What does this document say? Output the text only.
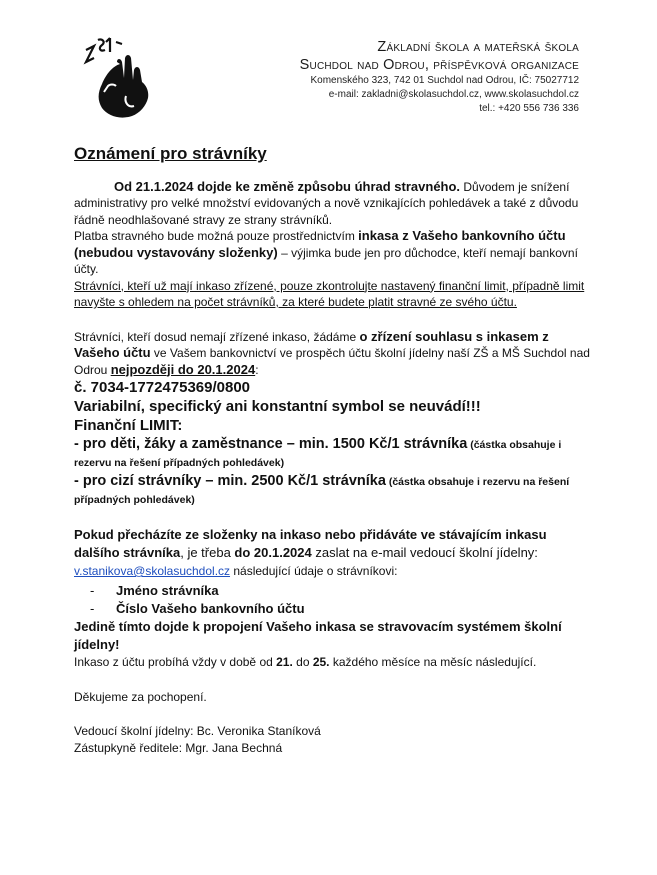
Základní škola a mateřská škola
Suchdol nad Odrou, příspěvková organizace
Komenského 323, 742 01 Suchdol nad Odrou, IČ: 75027712
e-mail: zakladni@skolasuchdol.cz, www.skolasuchdol.cz
tel.: +420 556 736 336
Oznámení pro strávníky

Od 21.1.2024 dojde ke změně způsobu úhrad stravného. Důvodem je snížení administrativy pro velké množství evidovaných a nově vznikajících pohledávek a také z důvodu řádně neodhlašované stravy ze strany strávníků.

Platba stravného bude možná pouze prostřednictvím inkasa z Vašeho bankovního účtu (nebudou vystavovány složenky) – výjimka bude jen pro důchodce, kteří nemají bankovní účty.

Strávníci, kteří už mají inkaso zřízené, pouze zkontrolujte nastavený finanční limit, případně limit navyšte s ohledem na počet strávníků, za které budete platit stravné ze svého účtu.

Strávníci, kteří dosud nemají zřízené inkaso, žádáme o zřízení souhlasu s inkasem z Vašeho účtu ve Vašem bankovnictví ve prospěch účtu školní jídelny naší ZŠ a MŠ Suchdol nad Odrou nejpozději do 20.1.2024:

č. 7034-1772475369/0800
Variabilní, specifický ani konstantní symbol se neuvádí!!!
Finanční LIMIT:

- pro děti, žáky a zaměstnance – min. 1500 Kč/1 strávníka (částka obsahuje i rezervu na řešení případných pohledávek)

- pro cizí strávníky – min. 2500 Kč/1 strávníka (částka obsahuje i rezervu na řešení případných pohledávek)

Pokud přecházíte ze složenky na inkaso nebo přidáváte ve stávajícím inkasu dalšího strávníka, je třeba do 20.1.2024 zaslat na e-mail vedoucí školní jídelny:
v.stanikova@skolasuchdol.cz následující údaje o strávníkovi:

- Jméno strávníka
- Číslo Vašeho bankovního účtu

Jedině tímto dojde k propojení Vašeho inkasa se stravovacím systémem školní jídelny!

Inkaso z účtu probíhá vždy v době od 21. do 25. každého měsíce na měsíc následující.

Děkujeme za pochopení.

Vedoucí školní jídelny: Bc. Veronika Staníková

Zástupkyně ředitele: Mgr. Jana Bechná
